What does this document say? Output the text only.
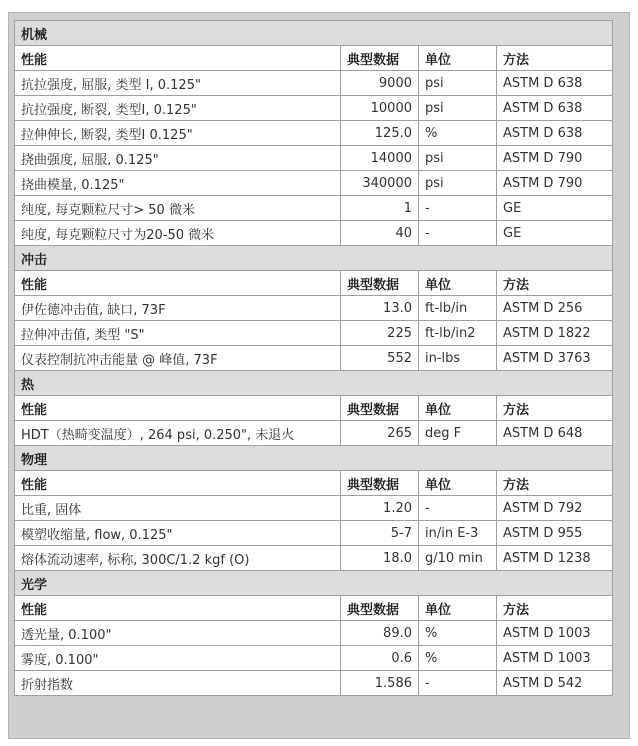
机械			
性能	典型数据	单位	方法
抗拉强度, 屈服, 类型 I, 0.125"	9000	psi	ASTM D 638
抗拉强度, 断裂, 类型I, 0.125"	10000	psi	ASTM D 638
拉伸伸长, 断裂, 类型I 0.125"	125.0	%	ASTM D 638
挠曲强度, 屈服, 0.125"	14000	psi	ASTM D 790
挠曲模量, 0.125"	340000	psi	ASTM D 790
纯度, 每克颗粒尺寸> 50 微米	1	-	GE
纯度, 每克颗粒尺寸为20-50 微米	40	-	GE
冲击			
性能	典型数据	单位	方法
伊佐德冲击值, 缺口, 73F	13.0	ft-lb/in	ASTM D 256
拉伸冲击值, 类型 "S"	225	ft-lb/in2	ASTM D 1822
仪表控制抗冲击能量 @ 峰值, 73F	552	in-lbs	ASTM D 3763
热			
性能	典型数据	单位	方法
HDT（热畸变温度）, 264 psi, 0.250", 未退火	265	deg F	ASTM D 648
物理			
性能	典型数据	单位	方法
比重, 固体	1.20	-	ASTM D 792
模塑收缩量, flow, 0.125"	5-7	in/in E-3	ASTM D 955
熔体流动速率, 标称, 300C/1.2 kgf (O)	18.0	g/10 min	ASTM D 1238
光学			
性能	典型数据	单位	方法
透光量, 0.100"	89.0	%	ASTM D 1003
雾度, 0.100"	0.6	%	ASTM D 1003
折射指数	1.586	-	ASTM D 542
